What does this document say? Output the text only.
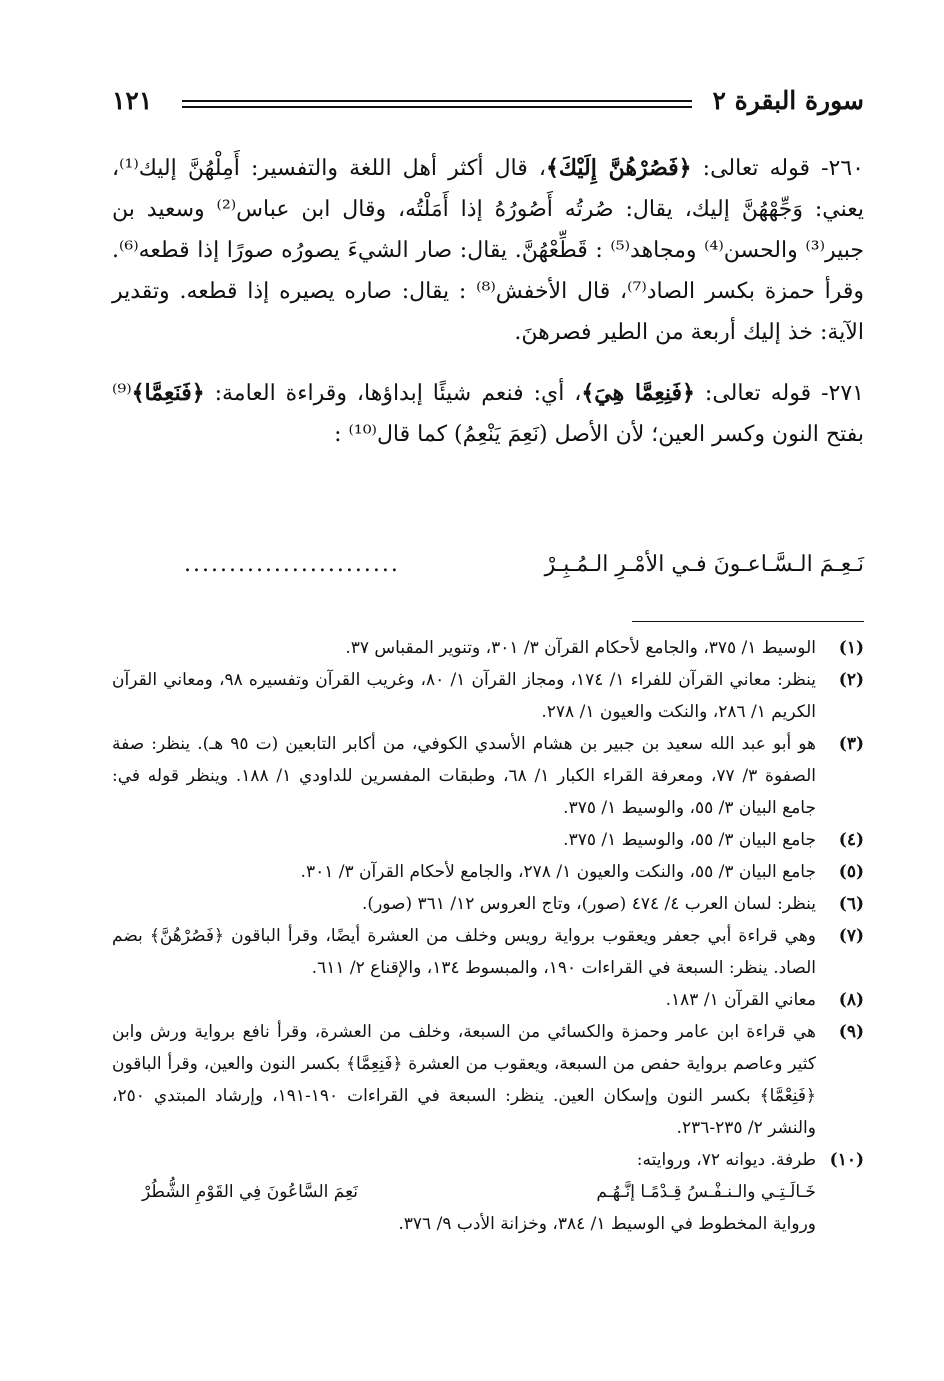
سورة البقرة ٢
١٢١

٢٦٠- قوله تعالى: ﴿فَصُرْهُنَّ إِلَيْكَ﴾، قال أكثر أهل اللغة والتفسير: أَمِلْهُنَّ إليك⁽¹⁾، يعني: وَجِّهْهُنَّ إليك، يقال: صُرتُه أَصُورُهُ إذا أَمَلْتُه، وقال ابن عباس⁽²⁾ وسعيد بن جبير⁽³⁾ والحسن⁽⁴⁾ ومجاهد⁽⁵⁾ : قَطِّعْهُنَّ. يقال: صار الشيءَ يصورُه صورًا إذا قطعه⁽⁶⁾. وقرأ حمزة بكسر الصاد⁽⁷⁾، قال الأخفش⁽⁸⁾ : يقال: صاره يصيره إذا قطعه. وتقدير الآية: خذ إليك أربعة من الطير فصرهنَ.

٢٧١- قوله تعالى: ﴿فَنِعِمَّا هِيَ﴾، أي: فنعم شيئًا إبداؤها، وقراءة العامة: ﴿فَنَعِمَّا﴾⁽⁹⁾ بفتح النون وكسر العين؛ لأن الأصل (نَعِمَ يَنْعِمُ) كما قال⁽¹⁰⁾ :

نَـعِـمَ الـسَّـاعـونَ فـي الأمْـرِ الـمُـبِـرْ
........................
(١)
الوسيط ١/ ٣٧٥، والجامع لأحكام القرآن ٣/ ٣٠١، وتنوير المقباس ٣٧.
(٢)
ينظر: معاني القرآن للفراء ١/ ١٧٤، ومجاز القرآن ١/ ٨٠، وغريب القرآن وتفسيره ٩٨، ومعاني القرآن الكريم ١/ ٢٨٦، والنكت والعيون ١/ ٢٧٨.
(٣)
هو أبو عبد الله سعيد بن جبير بن هشام الأسدي الكوفي، من أكابر التابعين (ت ٩٥ هـ). ينظر: صفة الصفوة ٣/ ٧٧، ومعرفة القراء الكبار ١/ ٦٨، وطبقات المفسرين للداودي ١/ ١٨٨. وينظر قوله في: جامع البيان ٣/ ٥٥، والوسيط ١/ ٣٧٥.
(٤)
جامع البيان ٣/ ٥٥، والوسيط ١/ ٣٧٥.
(٥)
جامع البيان ٣/ ٥٥، والنكت والعيون ١/ ٢٧٨، والجامع لأحكام القرآن ٣/ ٣٠١.
(٦)
ينظر: لسان العرب ٤/ ٤٧٤ (صور)، وتاج العروس ١٢/ ٣٦١ (صور).
(٧)
وهي قراءة أبي جعفر ويعقوب برواية رويس وخلف من العشرة أيضًا، وقرأ الباقون ﴿فَصُرْهُنَّ﴾ بضم الصاد. ينظر: السبعة في القراءات ١٩٠، والمبسوط ١٣٤، والإقناع ٢/ ٦١١.
(٨)
معاني القرآن ١/ ١٨٣.
(٩)
هي قراءة ابن عامر وحمزة والكسائي من السبعة، وخلف من العشرة، وقرأ نافع برواية ورش وابن كثير وعاصم برواية حفص من السبعة، ويعقوب من العشرة ﴿فَنِعِمَّا﴾ بكسر النون والعين، وقرأ الباقون ﴿فَنِعْمَّا﴾ بكسر النون وإسكان العين. ينظر: السبعة في القراءات ١٩٠-١٩١، وإرشاد المبتدي ٢٥٠، والنشر ٢/ ٢٣٥-٢٣٦.
(١٠)
طرفة. ديوانه ٧٢، وروايته:
خَـالَـتِـي والـنـفْـسُ قِـدْمًـا إنَّـهُـم
نَعِمَ السَّاعُونَ فِي القَوْمِ الشُّطُرْ
ورواية المخطوط في الوسيط ١/ ٣٨٤، وخزانة الأدب ٩/ ٣٧٦.
